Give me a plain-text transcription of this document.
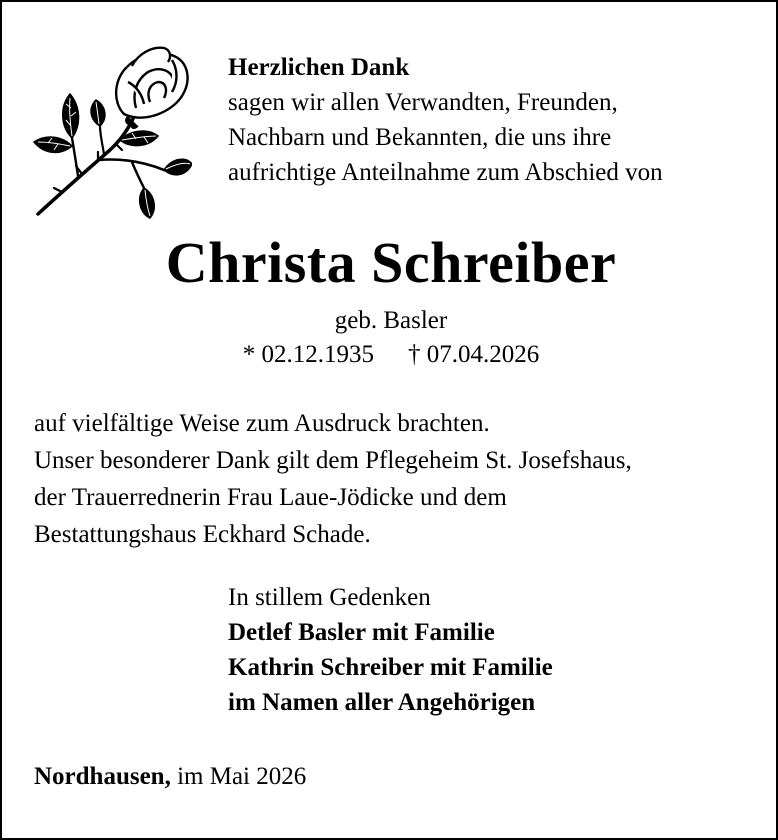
Herzlichen Dank
sagen wir allen Verwandten, Freunden,
Nachbarn und Bekannten, die uns ihre
aufrichtige Anteilnahme zum Abschied von
Christa Schreiber
geb. Basler
* 02.12.1935 † 07.04.2026
auf vielfältige Weise zum Ausdruck brachten.
Unser besonderer Dank gilt dem Pflegeheim St. Josefshaus,
der Trauerrednerin Frau Laue-Jödicke und dem
Bestattungshaus Eckhard Schade.
In stillem Gedenken
Detlef Basler mit Familie
Kathrin Schreiber mit Familie
im Namen aller Angehörigen
Nordhausen, im Mai 2026
